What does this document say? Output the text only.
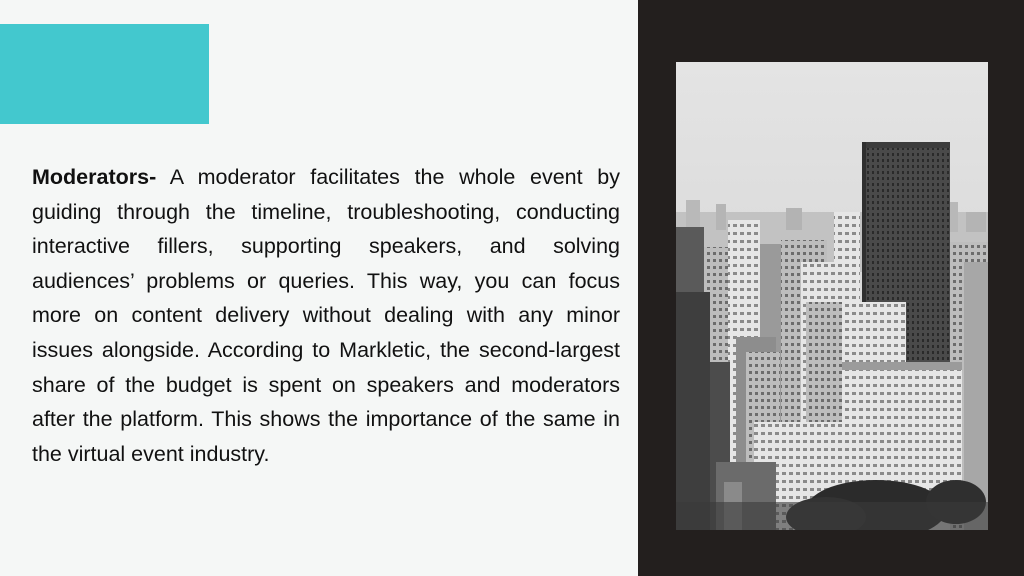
Moderators- A moderator facilitates the whole event by guiding through the timeline, troubleshooting, conducting interactive fillers, supporting speakers, and solving audiences’ problems or queries. This way, you can focus more on content delivery without dealing with any minor issues alongside. According to Markletic, the second-largest share of the budget is spent on speakers and moderators after the platform. This shows the importance of the same in the virtual event industry.
